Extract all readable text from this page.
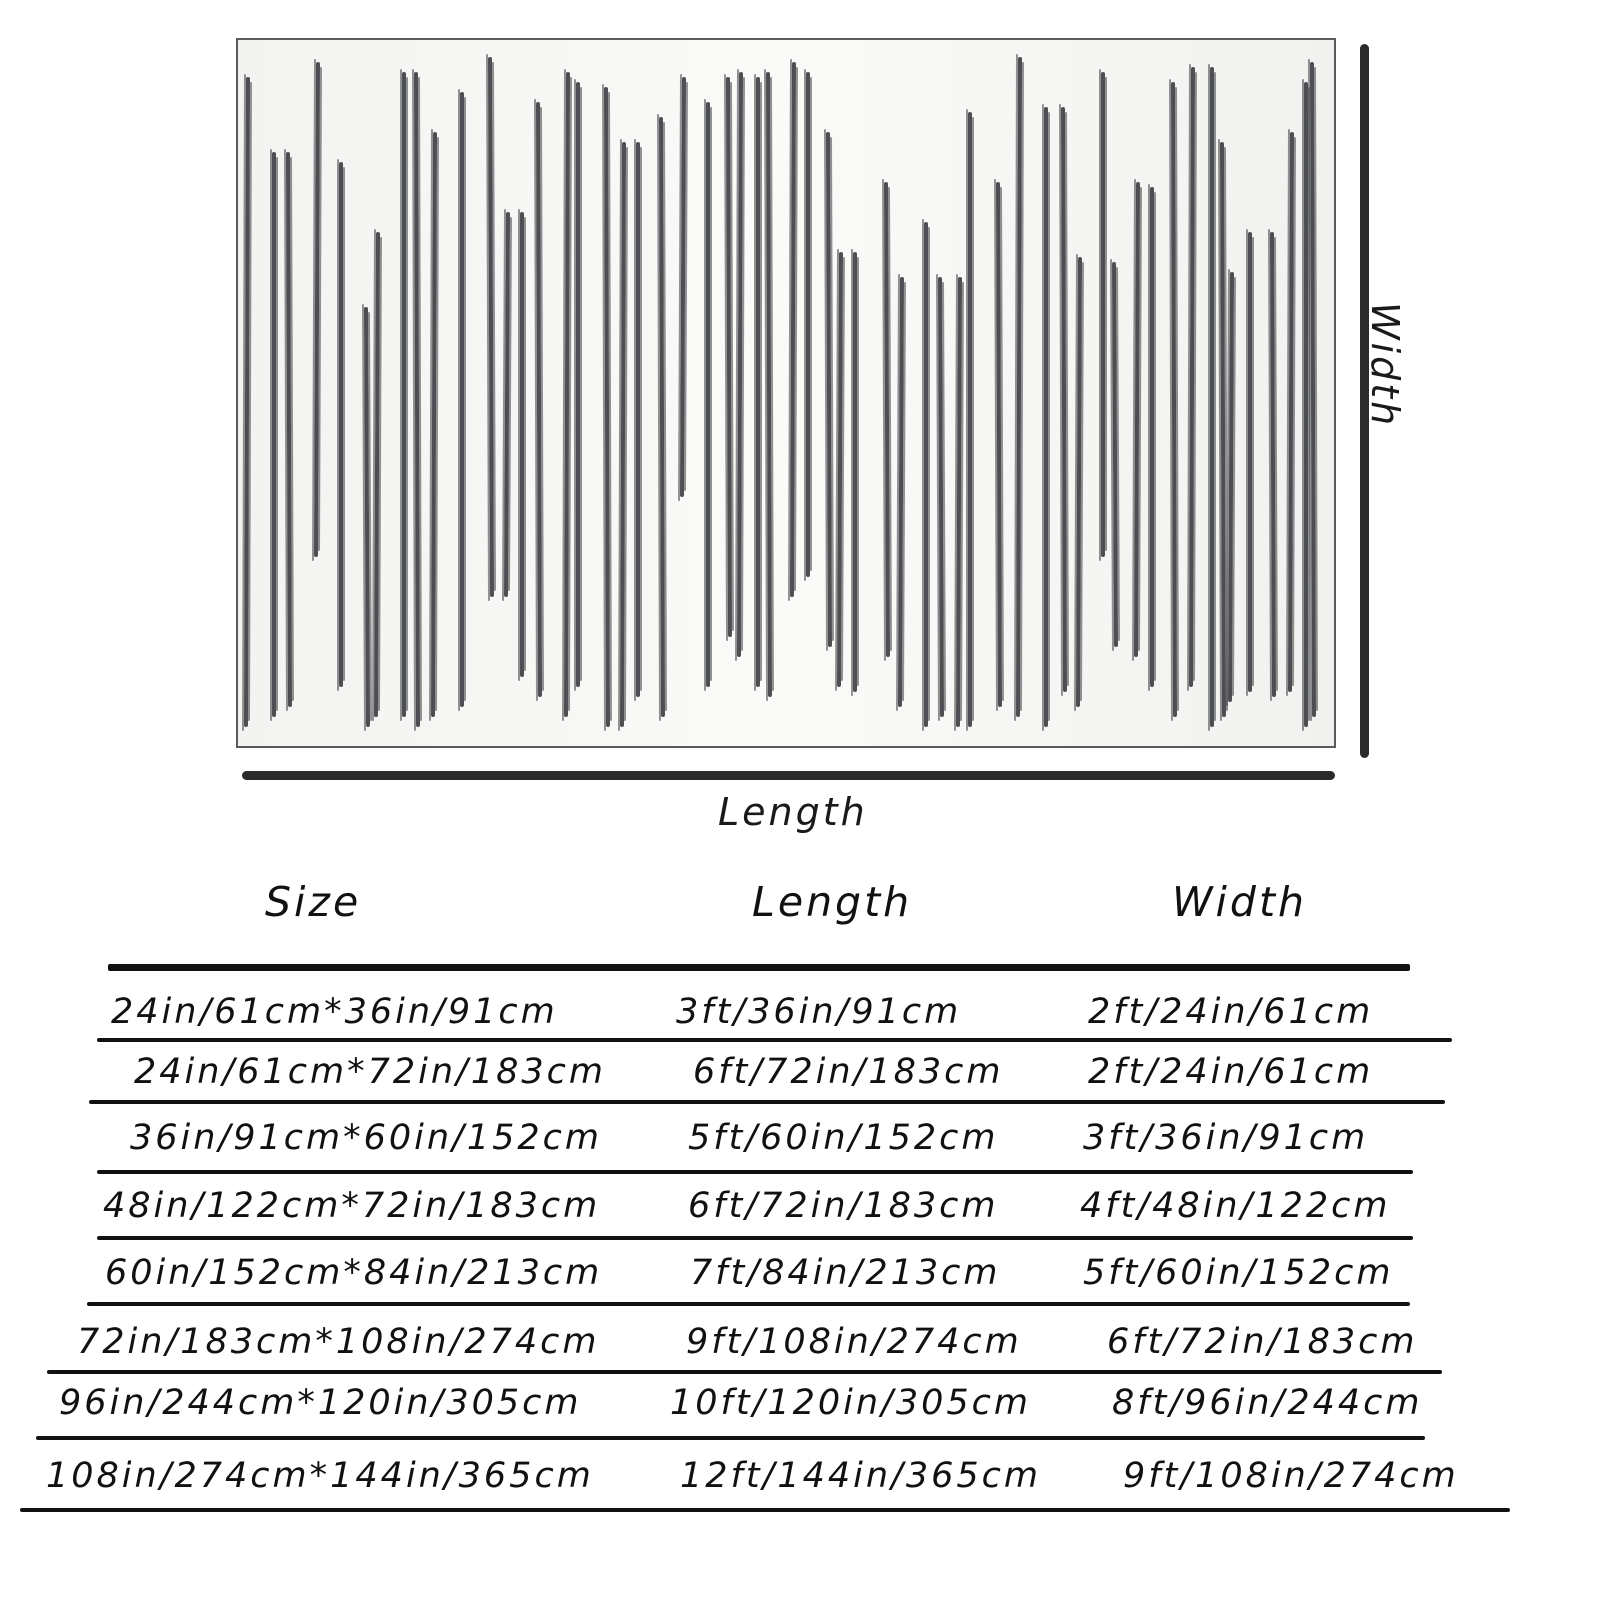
Length
Width
Size	Length	Width
24in/61cm*36in/91cm	3ft/36in/91cm	2ft/24in/61cm
24in/61cm*72in/183cm 6ft/72in/183cm 2ft/24in/61cm
36in/91cm*60in/152cm 5ft/60in/152cm 3ft/36in/91cm
48in/122cm*72in/183cm	6ft/72in/183cm 4ft/48in/122cm
60in/152cm*84in/213cm	7ft/84in/213cm 5ft/60in/152cm
72in/183cm*108in/274cm 9ft/108in/274cm 6ft/72in/183cm
96in/244cm*120in/305cm	10ft/120in/305cm 8ft/96in/244cm
108in/274cm*144in/365cm 12ft/144in/365cm 9ft/108in/274cm
